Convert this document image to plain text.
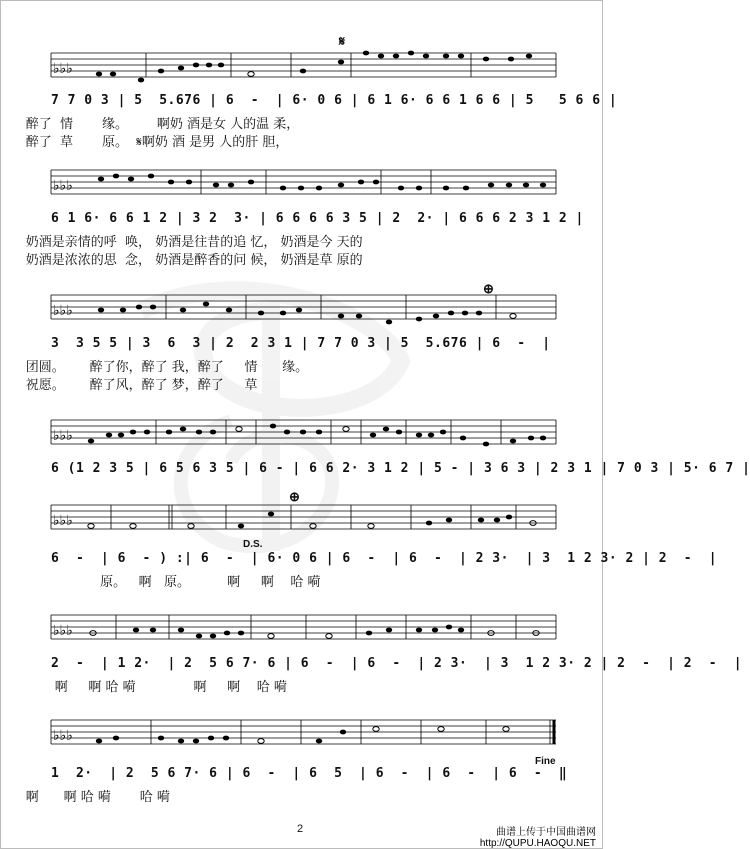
♭♭♭
𝄋
7 7 0 3 | 5  5.676 | 6  -  | 6· 0 6 | 6 1 6· 6 6 1 6 6 | 5   5 6 6 |
醉了  情       缘。       啊奶 酒是女 人的温 柔，
醉了  草       原。  𝄋啊奶 酒 是男 人的肝 胆，
♭♭♭
6 1 6· 6 6 1 2 | 3 2  3· | 6 6 6 6 3 5 | 2  2· | 6 6 6 2 3 1 2 |
奶酒是亲情的呼  唤， 奶酒是往昔的追 忆， 奶酒是今 天的
奶酒是浓浓的思  念， 奶酒是醉香的问 候， 奶酒是草 原的
♭♭♭
⊕
3  3 5 5 | 3  6  3 | 2  2 3 1 | 7 7 0 3 | 5  5.676 | 6  -  |
团圆。      醉了你，醉了 我，醉了     情      缘。
祝愿。      醉了风，醉了 梦，醉了     草
♭♭♭
6 (1 2 3 5 | 6 5 6 3 5 | 6 - | 6 6 2· 3 1 2 | 5 - | 3 6 3 | 2 3 1 | 7 0 3 | 5· 6 7 |
♭♭♭
D.S.
⊕
6  -  | 6  - ) :| 6  -  | 6· 0 6 | 6  -  | 6  -  | 2 3·  | 3  1 2 3· 2 | 2  -  |
原。   啊   原。         啊     啊    哈 嗬
♭♭♭
2  -  | 1 2·  | 2  5 6 7· 6 | 6  -  | 6  -  | 2 3·  | 3  1 2 3· 2 | 2  -  | 2  -  |
啊     啊 哈 嗬              啊     啊    哈 嗬
♭♭♭
Fine
1  2·  | 2  5 6 7· 6 | 6  -  | 6  5  | 6  -  | 6  -  | 6  -  ‖
啊      啊 哈 嗬       哈 嗬
2	曲谱上传于中国曲谱网
http://QUPU.HAOQU.NET
